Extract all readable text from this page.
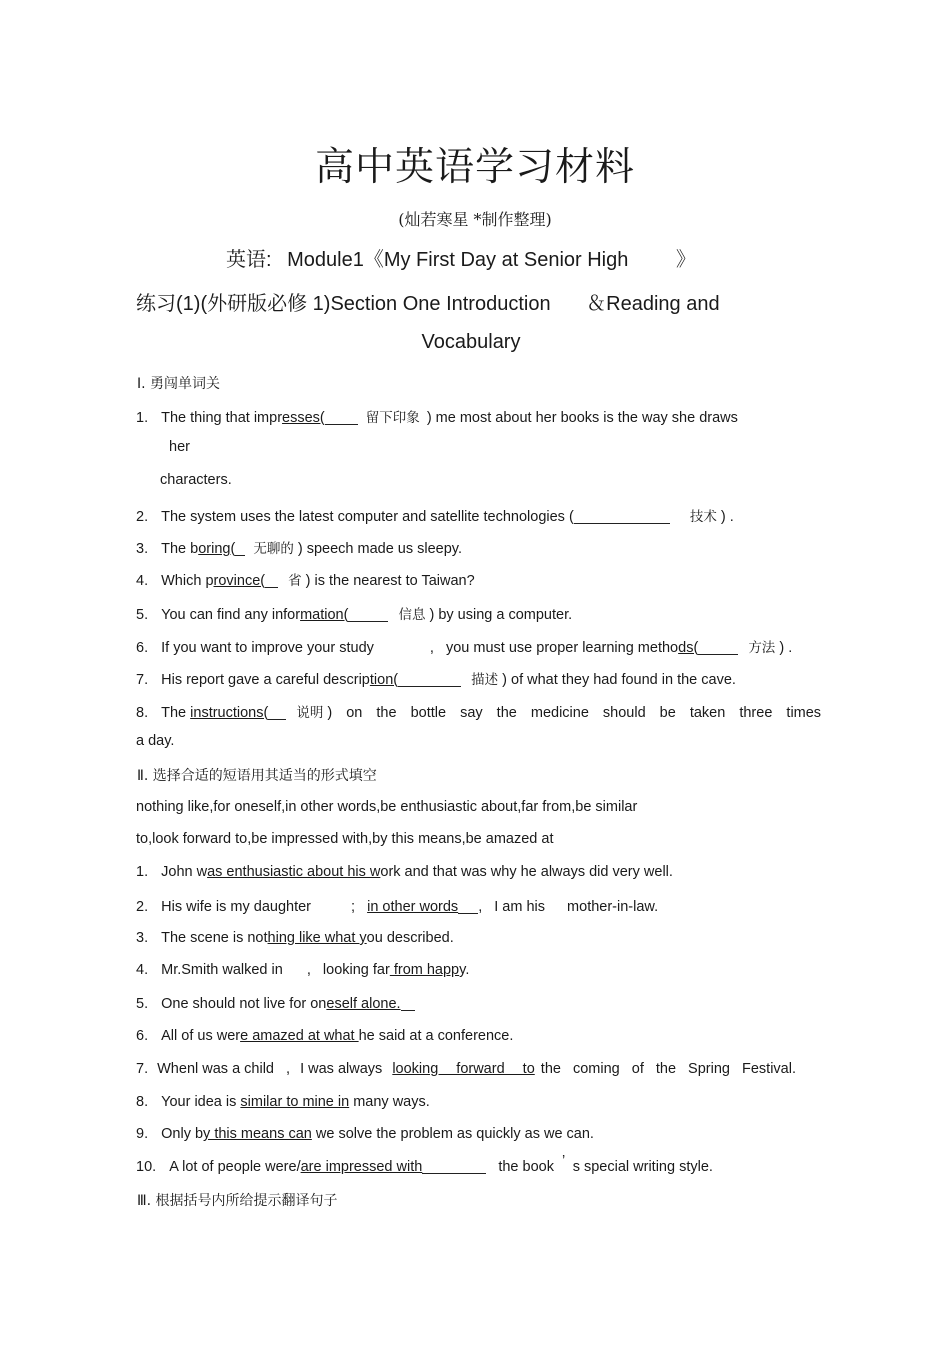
高中英语学习材料
(灿若寒星 *制作整理)
英语: Module1《My First Day at Senior High 》
练习(1)(外研版必修 1)Section One Introduction ＆Reading and
Vocabulary
Ⅰ. 勇闯单词关
1. The thing that impresses(	留下印象 ) me most about her books is the way she draws
her
characters.
2. The system uses the latest computer and satellite technologies (	技术 ) .
3. The boring( 无聊的 ) speech made us sleepy.
4. Which province( 省 ) is the nearest to Taiwan?
5. You can find any information(	信息 ) by using a computer.
6. If you want to improve your study	, you must use proper learning methods(	方法 ) .
7. His report gave a careful description(	描述 ) of what they had found in the cave.
8. The instructions( 说明 ) on the bottle say the medicine should be taken three times
a day.
Ⅱ. 选择合适的短语用其适当的形式填空
nothing like,for oneself,in other words,be enthusiastic about,far from,be similar
to,look forward to,be impressed with,by this means,be amazed at
1. John was enthusiastic about his work and that was why he always did very well.
2. His wife is my daughter	; in other words , I am his mother-in-law.
3. The scene is nothing like what you described.
4. Mr.Smith walked in , looking far from happy.
5. One should not live for oneself alone.
6. All of us were amazed at what he said at a conference.
7. Whenl was a child , I was always looking forward to the coming of the Spring Festival.
8. Your idea is similar to mine in many ways.
9. Only by this means can we solve the problem as quickly as we can.
10. A lot of people were/are impressed with	the book ’ s special writing style.
Ⅲ. 根据括号内所给提示翻译句子
